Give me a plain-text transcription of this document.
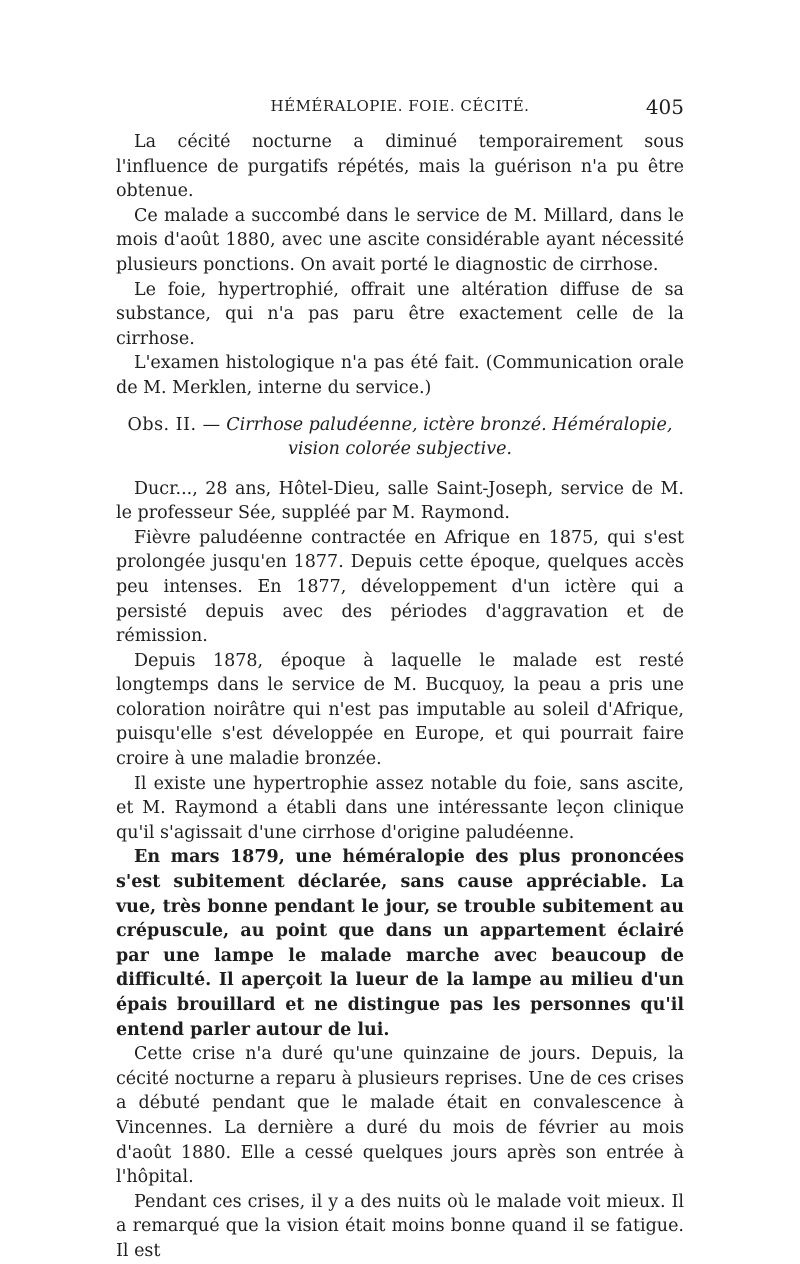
HÉMÉRALOPIE. FOIE. CÉCITÉ.	405

La cécité nocturne a diminué temporairement sous l'influence de purgatifs répétés, mais la guérison n'a pu être obtenue.

Ce malade a succombé dans le service de M. Millard, dans le mois d'août 1880, avec une ascite considérable ayant nécessité plusieurs ponctions. On avait porté le diagnostic de cirrhose.

Le foie, hypertrophié, offrait une altération diffuse de sa substance, qui n'a pas paru être exactement celle de la cirrhose.

L'examen histologique n'a pas été fait. (Communication orale de M. Merklen, interne du service.)

Obs. II. — Cirrhose paludéenne, ictère bronzé. Héméralopie, vision colorée subjective.

Ducr..., 28 ans, Hôtel-Dieu, salle Saint-Joseph, service de M. le professeur Sée, suppléé par M. Raymond.

Fièvre paludéenne contractée en Afrique en 1875, qui s'est prolongée jusqu'en 1877. Depuis cette époque, quelques accès peu intenses. En 1877, développement d'un ictère qui a persisté depuis avec des périodes d'aggravation et de rémission.

Depuis 1878, époque à laquelle le malade est resté longtemps dans le service de M. Bucquoy, la peau a pris une coloration noirâtre qui n'est pas imputable au soleil d'Afrique, puisqu'elle s'est développée en Europe, et qui pourrait faire croire à une maladie bronzée.

Il existe une hypertrophie assez notable du foie, sans ascite, et M. Raymond a établi dans une intéressante leçon clinique qu'il s'agissait d'une cirrhose d'origine paludéenne.

En mars 1879, une héméralopie des plus prononcées s'est subitement déclarée, sans cause appréciable. La vue, très bonne pendant le jour, se trouble subitement au crépuscule, au point que dans un appartement éclairé par une lampe le malade marche avec beaucoup de difficulté. Il aperçoit la lueur de la lampe au milieu d'un épais brouillard et ne distingue pas les personnes qu'il entend parler autour de lui.

Cette crise n'a duré qu'une quinzaine de jours. Depuis, la cécité nocturne a reparu à plusieurs reprises. Une de ces crises a débuté pendant que le malade était en convalescence à Vincennes. La dernière a duré du mois de février au mois d'août 1880. Elle a cessé quelques jours après son entrée à l'hôpital.

Pendant ces crises, il y a des nuits où le malade voit mieux. Il a remarqué que la vision était moins bonne quand il se fatigue. Il est
